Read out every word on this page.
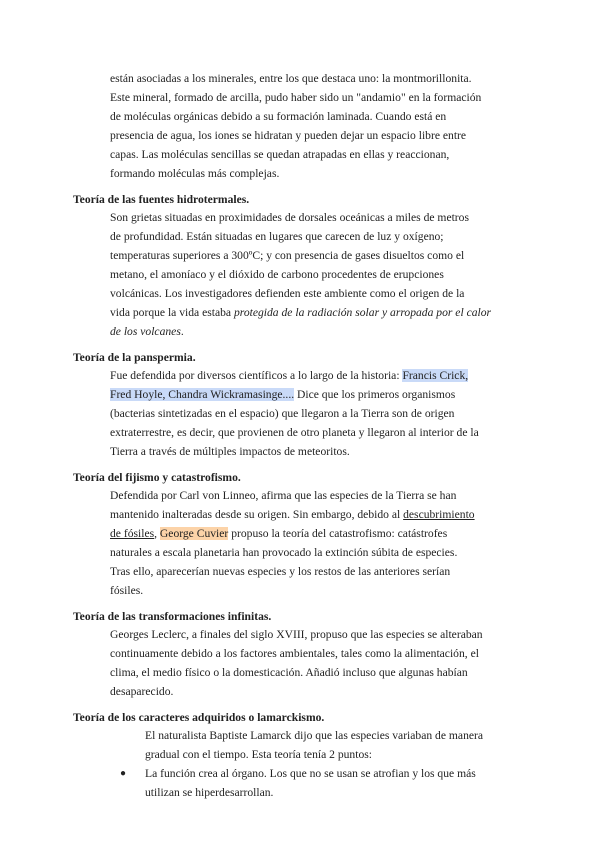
están asociadas a los minerales, entre los que destaca uno: la montmorillonita.
Este mineral, formado de arcilla, pudo haber sido un "andamio" en la formación
de moléculas orgánicas debido a su formación laminada. Cuando está en
presencia de agua, los iones se hidratan y pueden dejar un espacio libre entre
capas. Las moléculas sencillas se quedan atrapadas en ellas y reaccionan,
formando moléculas más complejas.
Teoría de las fuentes hidrotermales.
Son grietas situadas en proximidades de dorsales oceánicas a miles de metros
de profundidad. Están situadas en lugares que carecen de luz y oxígeno;
temperaturas superiores a 300ºC; y con presencia de gases disueltos como el
metano, el amoníaco y el dióxido de carbono procedentes de erupciones
volcánicas. Los investigadores defienden este ambiente como el origen de la
vida porque la vida estaba protegida de la radiación solar y arropada por el calor
de los volcanes.
Teoría de la panspermia.
Fue defendida por diversos científicos a lo largo de la historia: Francis Crick,
Fred Hoyle, Chandra Wickramasinge.... Dice que los primeros organismos
(bacterias sintetizadas en el espacio) que llegaron a la Tierra son de origen
extraterrestre, es decir, que provienen de otro planeta y llegaron al interior de la
Tierra a través de múltiples impactos de meteoritos.
Teoría del fijismo y catastrofismo.
Defendida por Carl von Linneo, afirma que las especies de la Tierra se han
mantenido inalteradas desde su origen. Sin embargo, debido al descubrimiento
de fósiles, George Cuvier propuso la teoría del catastrofismo: catástrofes
naturales a escala planetaria han provocado la extinción súbita de especies.
Tras ello, aparecerían nuevas especies y los restos de las anteriores serían
fósiles.
Teoría de las transformaciones infinitas.
Georges Leclerc, a finales del siglo XVIII, propuso que las especies se alteraban
continuamente debido a los factores ambientales, tales como la alimentación, el
clima, el medio físico o la domesticación. Añadió incluso que algunas habían
desaparecido.
Teoría de los caracteres adquiridos o lamarckismo.
El naturalista Baptiste Lamarck dijo que las especies variaban de manera
gradual con el tiempo. Esta teoría tenía 2 puntos:
● La función crea al órgano. Los que no se usan se atrofian y los que más
utilizan se hiperdesarrollan.
